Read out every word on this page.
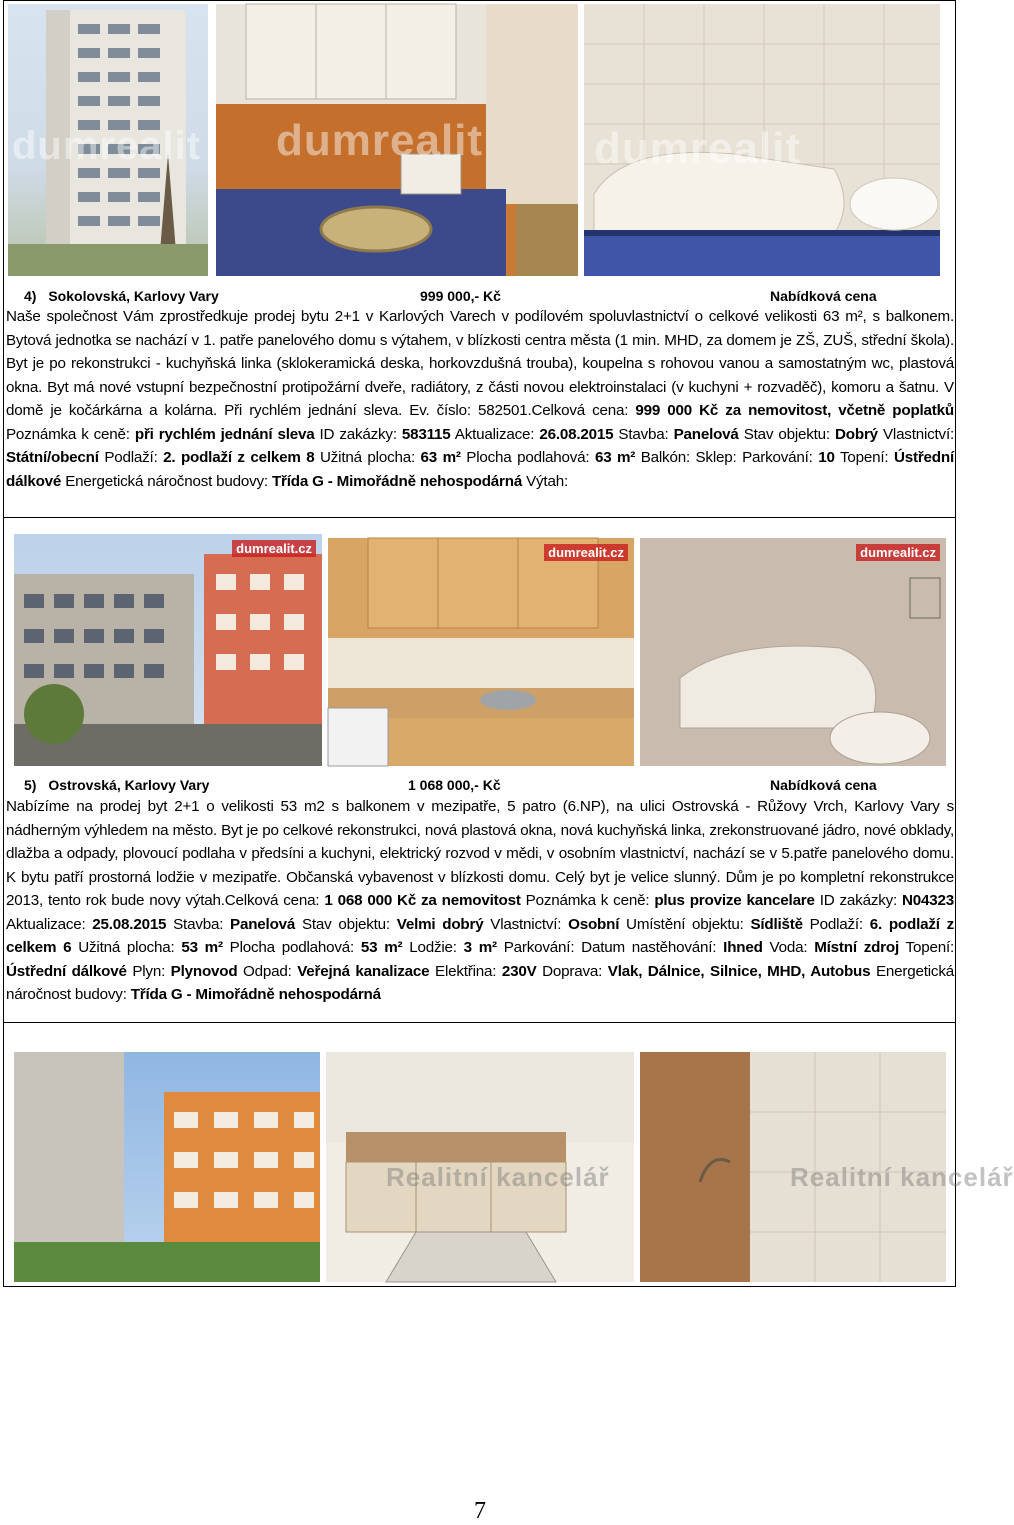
dumrealit dumrealit	dumrealit
4) Sokolovská, Karlovy Vary	999 000,- Kč	Nabídková cena
Naše společnost Vám zprostředkuje prodej bytu 2+1 v Karlových Varech v podílovém spoluvlastnictví o celkové velikosti 63 m², s balkonem. Bytová jednotka se nachází v 1. patře panelového domu s výtahem, v blízkosti centra města (1 min. MHD, za domem je ZŠ, ZUŠ, střední škola). Byt je po rekonstrukci - kuchyňská linka (sklokeramická deska, horkovzdušná trouba), koupelna s rohovou vanou a samostatným wc, plastová okna. Byt má nové vstupní bezpečnostní protipožární dveře, radiátory, z části novou elektroinstalaci (v kuchyni + rozvaděč), komoru a šatnu. V domě je kočárkárna a kolárna. Při rychlém jednání sleva. Ev. číslo: 582501.Celková cena: 999 000 Kč za nemovitost, včetně poplatků Poznámka k ceně: při rychlém jednání sleva ID zakázky: 583115 Aktualizace: 26.08.2015 Stavba: Panelová Stav objektu: Dobrý Vlastnictví: Státní/obecní Podlaží: 2. podlaží z celkem 8 Užitná plocha: 63 m² Plocha podlahová: 63 m² Balkón: Sklep: Parkování: 10 Topení: Ústřední dálkové Energetická náročnost budovy: Třída G - Mimořádně nehospodárná Výtah:
dumrealit.cz	dumrealit.cz	dumrealit.cz
5) Ostrovská, Karlovy Vary	1 068 000,- Kč	Nabídková cena
Nabízíme na prodej byt 2+1 o velikosti 53 m2 s balkonem v mezipatře, 5 patro (6.NP), na ulici Ostrovská - Růžovy Vrch, Karlovy Vary s nádherným výhledem na město. Byt je po celkové rekonstrukci, nová plastová okna, nová kuchyňská linka, zrekonstruované jádro, nové obklady, dlažba a odpady, plovoucí podlaha v předsíni a kuchyni, elektrický rozvod v mědi, v osobním vlastnictví, nachází se v 5.patře panelového domu. K bytu patří prostorná lodžie v mezipatře. Občanská vybavenost v blízkosti domu. Celý byt je velice slunný. Dům je po kompletní rekonstrukce 2013, tento rok bude novy výtah.Celková cena: 1 068 000 Kč za nemovitost Poznámka k ceně: plus provize kancelare ID zakázky: N04323 Aktualizace: 25.08.2015 Stavba: Panelová Stav objektu: Velmi dobrý Vlastnictví: Osobní Umístění objektu: Sídliště Podlaží: 6. podlaží z celkem 6 Užitná plocha: 53 m² Plocha podlahová: 53 m² Lodžie: 3 m² Parkování: Datum nastěhování: Ihned Voda: Místní zdroj Topení: Ústřední dálkové Plyn: Plynovod Odpad: Veřejná kanalizace Elektřina: 230V Doprava: Vlak, Dálnice, Silnice, MHD, Autobus Energetická náročnost budovy: Třída G - Mimořádně nehospodárná
Realitní kancelář	Realitní kancelář
7
